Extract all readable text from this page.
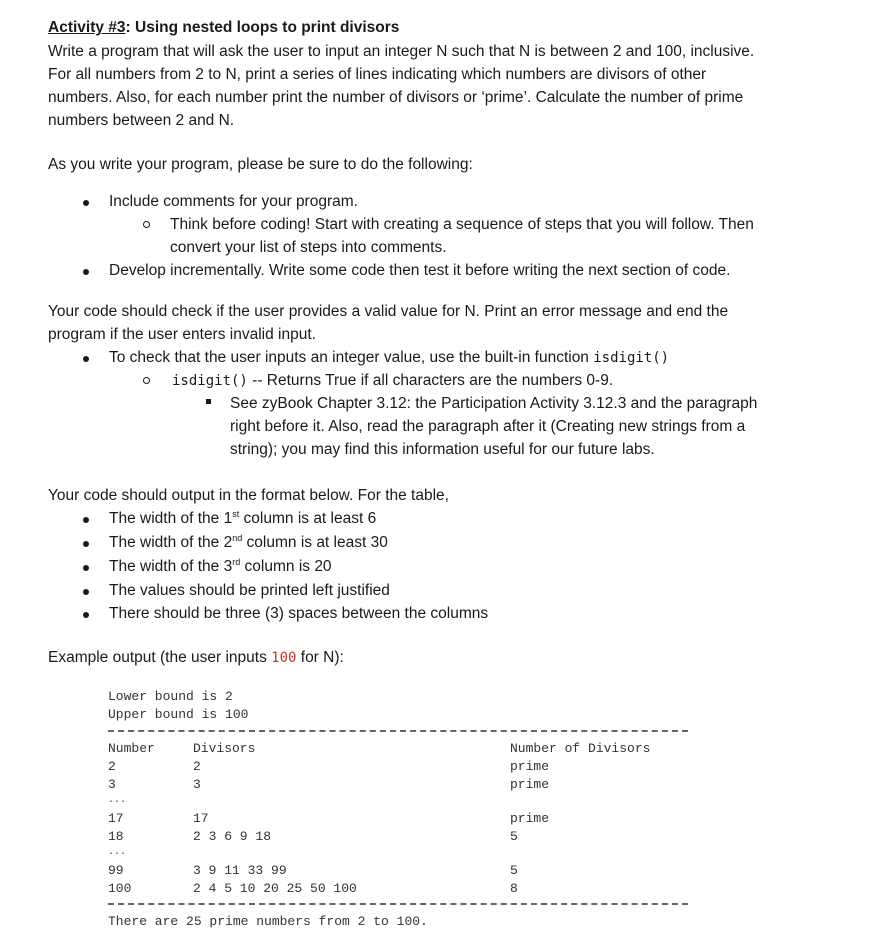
Activity #3: Using nested loops to print divisors
Write a program that will ask the user to input an integer N such that N is between 2 and 100, inclusive.
For all numbers from 2 to N, print a series of lines indicating which numbers are divisors of other
numbers. Also, for each number print the number of divisors or ‘prime’. Calculate the number of prime
numbers between 2 and N.
As you write your program, please be sure to do the following:
Include comments for your program.
Think before coding! Start with creating a sequence of steps that you will follow. Then
convert your list of steps into comments.
Develop incrementally. Write some code then test it before writing the next section of code.
Your code should check if the user provides a valid value for N. Print an error message and end the
program if the user enters invalid input.
To check that the user inputs an integer value, use the built-in function isdigit()
isdigit() -- Returns True if all characters are the numbers 0-9.
See zyBook Chapter 3.12: the Participation Activity 3.12.3 and the paragraph
right before it. Also, read the paragraph after it (Creating new strings from a
string); you may find this information useful for our future labs.
Your code should output in the format below. For the table,
The width of the 1st column is at least 6
The width of the 2nd column is at least 30
The width of the 3rd column is 20
The values should be printed left justified
There should be three (3) spaces between the columns
Example output (the user inputs 100 for N):
Lower bound is 2
Upper bound is 100
Number	Divisors	Number of Divisors
2	2	prime
3	3	prime
...
17	17	prime
18	2 3 6 9 18	5
...
99	3 9 11 33 99	5
100	2 4 5 10 20 25 50 100	8
There are 25 prime numbers from 2 to 100.
